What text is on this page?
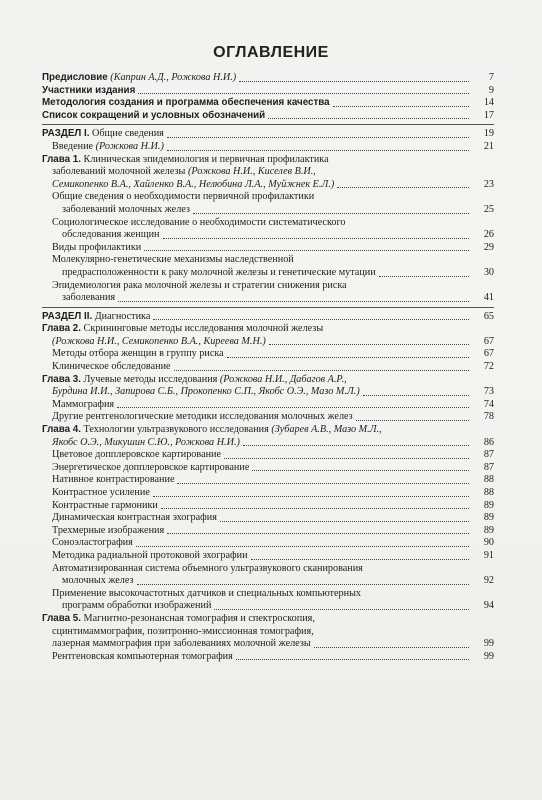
ОГЛАВЛЕНИЕ
Предисловие (Каприн А.Д., Рожкова Н.И.)	7
Участники издания	9
Методология создания и программа обеспечения качества	14
Список сокращений и условных обозначений	17
РАЗДЕЛ I. Общие сведения	19
Введение (Рожкова Н.И.)	21
Глава 1. Клиническая эпидемиология и первичная профилактика
заболеваний молочной железы (Рожкова Н.И., Киселев В.И.,
Семикопенко В.А., Хайленко В.А., Нелюбина Л.А., Муйжнек Е.Л.)	23
Общие сведения о необходимости первичной профилактики
заболеваний молочных желез	25
Социологическое исследование о необходимости систематического
обследования женщин	26
Виды профилактики	29
Молекулярно-генетические механизмы наследственной
предрасположенности к раку молочной железы и генетические мутации	30
Эпидемиология рака молочной железы и стратегии снижения риска
заболевания	41
РАЗДЕЛ II. Диагностика	65
Глава 2. Скрининговые методы исследования молочной железы
(Рожкова Н.И., Семикопенко В.А., Киреева М.Н.)	67
Методы отбора женщин в группу риска	67
Клиническое обследование	72
Глава 3. Лучевые методы исследования (Рожкова Н.И., Дабагов А.Р.,
Бурдина И.И., Запирова С.Б., Прокопенко С.П., Якобс О.Э., Мазо М.Л.)	73
Маммография	74
Другие рентгенологические методики исследования молочных желез	78
Глава 4. Технологии ультразвукового исследования (Зубарев А.В., Мазо М.Л.,
Якобс О.Э., Микушин С.Ю., Рожкова Н.И.)	86
Цветовое допплеровское картирование	87
Энергетическое допплеровское картирование	87
Нативное контрастирование	88
Контрастное усиление	88
Контрастные гармоники	89
Динамическая контрастная эхография	89
Трехмерные изображения	89
Соноэластография	90
Методика радиальной протоковой эхографии	91
Автоматизированная система объемного ультразвукового сканирования
молочных желез	92
Применение высокочастотных датчиков и специальных компьютерных
программ обработки изображений	94
Глава 5. Магнитно-резонансная томография и спектроскопия,
сцинтимаммография, позитронно-эмиссионная томография,
лазерная маммография при заболеваниях молочной железы	99
Рентгеновская компьютерная томография	99
